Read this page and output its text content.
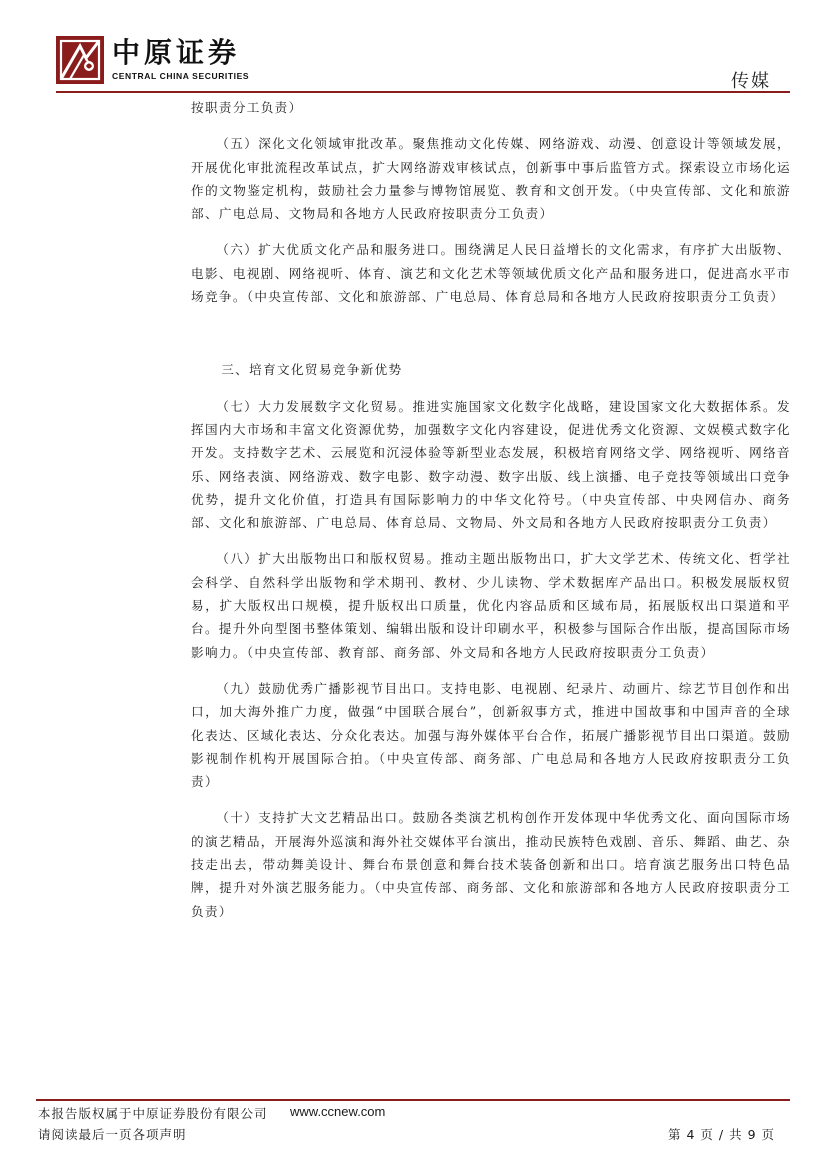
中原证券
CENTRAL CHINA SECURITIES	传媒

按职责分工负责）

（五）深化文化领域审批改革。聚焦推动文化传媒、网络游戏、动漫、创意设计等领域发展，开展优化审批流程改革试点，扩大网络游戏审核试点，创新事中事后监管方式。探索设立市场化运作的文物鉴定机构，鼓励社会力量参与博物馆展览、教育和文创开发。（中央宣传部、文化和旅游部、广电总局、文物局和各地方人民政府按职责分工负责）

（六）扩大优质文化产品和服务进口。围绕满足人民日益增长的文化需求，有序扩大出版物、电影、电视剧、网络视听、体育、演艺和文化艺术等领域优质文化产品和服务进口，促进高水平市场竞争。（中央宣传部、文化和旅游部、广电总局、体育总局和各地方人民政府按职责分工负责）

三、培育文化贸易竞争新优势

（七）大力发展数字文化贸易。推进实施国家文化数字化战略，建设国家文化大数据体系。发挥国内大市场和丰富文化资源优势，加强数字文化内容建设，促进优秀文化资源、文娱模式数字化开发。支持数字艺术、云展览和沉浸体验等新型业态发展，积极培育网络文学、网络视听、网络音乐、网络表演、网络游戏、数字电影、数字动漫、数字出版、线上演播、电子竞技等领域出口竞争优势，提升文化价值，打造具有国际影响力的中华文化符号。（中央宣传部、中央网信办、商务部、文化和旅游部、广电总局、体育总局、文物局、外文局和各地方人民政府按职责分工负责）

（八）扩大出版物出口和版权贸易。推动主题出版物出口，扩大文学艺术、传统文化、哲学社会科学、自然科学出版物和学术期刊、教材、少儿读物、学术数据库产品出口。积极发展版权贸易，扩大版权出口规模，提升版权出口质量，优化内容品质和区域布局，拓展版权出口渠道和平台。提升外向型图书整体策划、编辑出版和设计印刷水平，积极参与国际合作出版，提高国际市场影响力。（中央宣传部、教育部、商务部、外文局和各地方人民政府按职责分工负责）

（九）鼓励优秀广播影视节目出口。支持电影、电视剧、纪录片、动画片、综艺节目创作和出口，加大海外推广力度，做强“中国联合展台”，创新叙事方式，推进中国故事和中国声音的全球化表达、区域化表达、分众化表达。加强与海外媒体平台合作，拓展广播影视节目出口渠道。鼓励影视制作机构开展国际合拍。（中央宣传部、商务部、广电总局和各地方人民政府按职责分工负责）

（十）支持扩大文艺精品出口。鼓励各类演艺机构创作开发体现中华优秀文化、面向国际市场的演艺精品，开展海外巡演和海外社交媒体平台演出，推动民族特色戏剧、音乐、舞蹈、曲艺、杂技走出去，带动舞美设计、舞台布景创意和舞台技术装备创新和出口。培育演艺服务出口特色品牌，提升对外演艺服务能力。（中央宣传部、商务部、文化和旅游部和各地方人民政府按职责分工负责）

本报告版权属于中原证券股份有限公司 www.ccnew.com
请阅读最后一页各项声明	第 4 页 / 共 9 页
